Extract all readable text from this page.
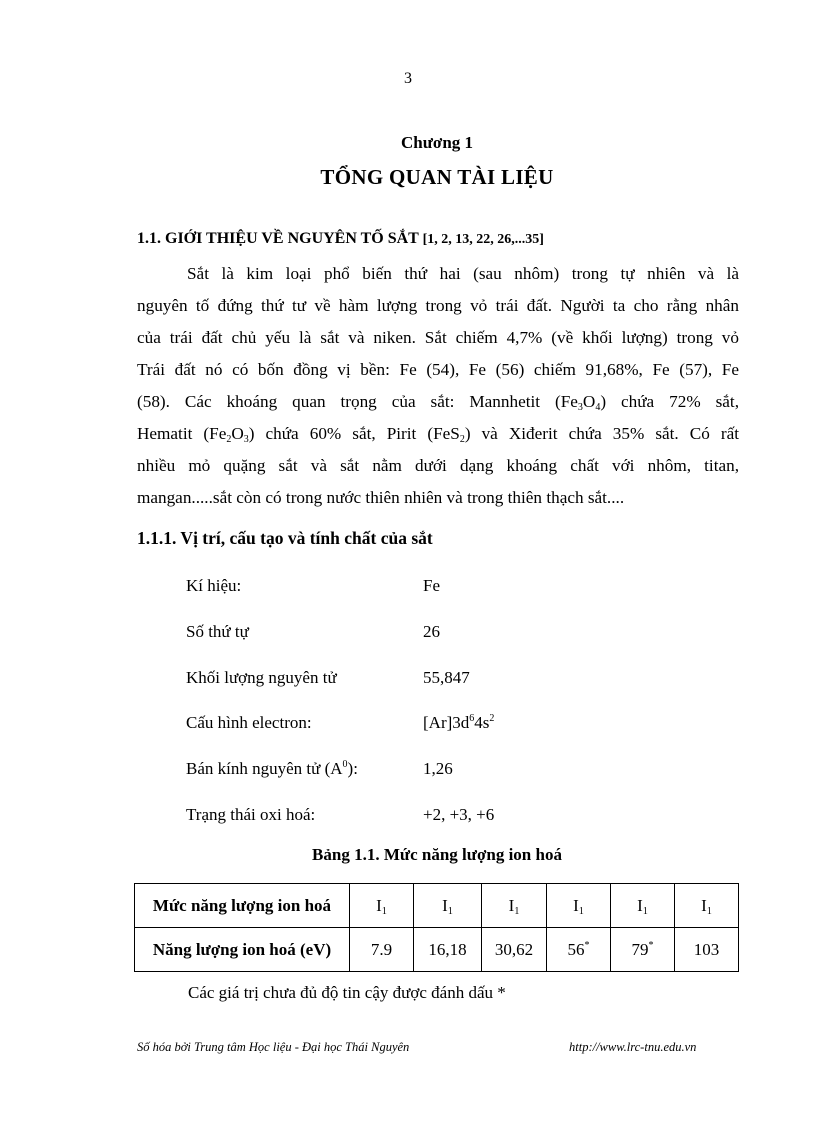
3
Chương 1
TỔNG QUAN TÀI LIỆU
1.1. GIỚI THIỆU VỀ NGUYÊN TỐ SẮT [1, 2, 13, 22, 26,...35]
Sắt là kim loại phổ biến thứ hai (sau nhôm) trong tự nhiên và là
nguyên tố đứng thứ tư về hàm lượng trong vỏ trái đất. Người ta cho rằng nhân
của trái đất chủ yếu là sắt và niken. Sắt chiếm 4,7% (về khối lượng) trong vỏ
Trái đất nó có bốn đồng vị bền: Fe (54), Fe (56) chiếm 91,68%, Fe (57), Fe
(58). Các khoáng quan trọng của sắt: Mannhetit $(Fe_3O_4)$ chứa 72% sắt,
Hematit $(Fe_2O_3)$ chứa 60% sắt, Pirit (FeS$_2$) và Xiđerit chứa 35% sắt. Có rất
nhiều mỏ quặng sắt và sắt nằm dưới dạng khoáng chất với nhôm, titan,
mangan.....sắt còn có trong nước thiên nhiên và trong thiên thạch sắt....
1.1.1. Vị trí, cấu tạo và tính chất của sắt
Kí hiệu:	Fe
Số thứ tự	26
Khối lượng nguyên tử	55,847
Cấu hình electron:	$[Ar]3d^64s^2$
Bán kính nguyên tử $(A^0)$:	1,26
Trạng thái oxi hoá:	+2, +3, +6
Bảng 1.1. Mức năng lượng ion hoá
Mức năng lượng ion hoá	$I_1$	$I_1$	$I_1$	$I_1$	$I_1$	$I_1$
Năng lượng ion hoá (eV)	7.9	16,18	30,62	56*	79*	103
Các giá trị chưa đủ độ tin cậy được đánh dấu *
Số hóa bởi Trung tâm Học liệu - Đại học Thái Nguyên	http://www.lrc-tnu.edu.vn
